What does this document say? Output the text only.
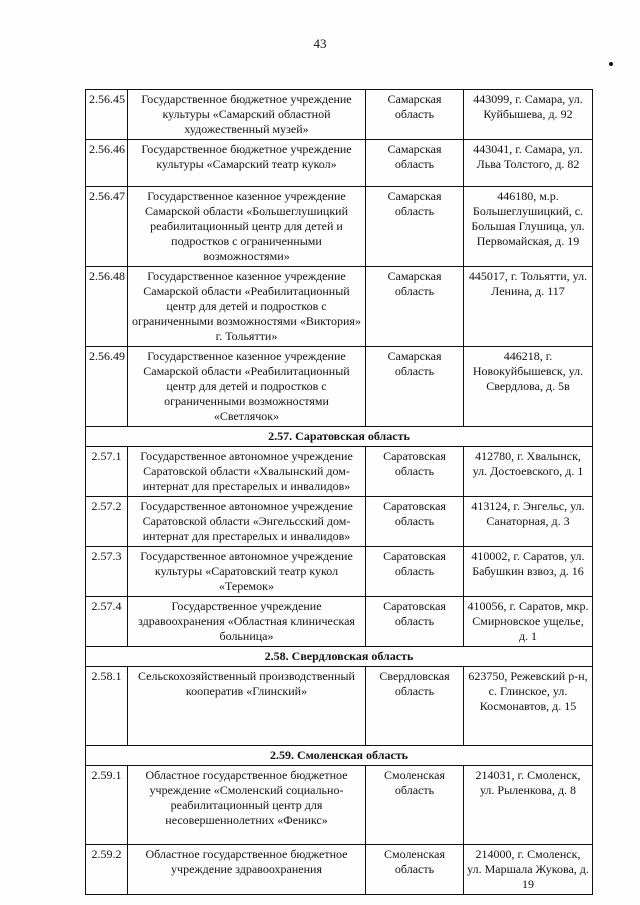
43
2.56.45	Государственное бюджетное учреждение культуры «Самарский областной художественный музей»	Самарская область	443099, г. Самара, ул. Куйбышева, д. 92
2.56.46	Государственное бюджетное учреждение культуры «Самарский театр кукол»	Самарская область	443041, г. Самара, ул. Льва Толстого, д. 82
2.56.47	Государственное казенное учреждение Самарской области «Большеглушицкий реабилитационный центр для детей и подростков с ограниченными возможностями»	Самарская область	446180, м.р. Большеглушицкий, с. Большая Глушица, ул. Первомайская, д. 19
2.56.48	Государственное казенное учреждение Самарской области «Реабилитационный центр для детей и подростков с ограниченными возможностями «Виктория» г. Тольятти»	Самарская область	445017, г. Тольятти, ул. Ленина, д. 117
2.56.49	Государственное казенное учреждение Самарской области «Реабилитационный центр для детей и подростков с ограниченными возможностями «Светлячок»	Самарская область	446218, г. Новокуйбышевск, ул. Свердлова, д. 5в
2.57. Саратовская область			
2.57.1	Государственное автономное учреждение Саратовской области «Хвалынский дом-интернат для престарелых и инвалидов»	Саратовская область	412780, г. Хвалынск, ул. Достоевского, д. 1
2.57.2	Государственное автономное учреждение Саратовской области «Энгельсский дом-интернат для престарелых и инвалидов»	Саратовская область	413124, г. Энгельс, ул. Санаторная, д. 3
2.57.3	Государственное автономное учреждение культуры «Саратовский театр кукол «Теремок»	Саратовская область	410002, г. Саратов, ул. Бабушкин взвоз, д. 16
2.57.4	Государственное учреждение здравоохранения «Областная клиническая больница»	Саратовская область	410056, г. Саратов, мкр. Смирновское ущелье, д. 1
2.58. Свердловская область			
2.58.1	Сельскохозяйственный производственный кооператив «Глинский»	Свердловская область	623750, Режевский р-н, с. Глинское, ул. Космонавтов, д. 15
2.59. Смоленская область			
2.59.1	Областное государственное бюджетное учреждение «Смоленский социально-реабилитационный центр для несовершеннолетних «Феникс»	Смоленская область	214031, г. Смоленск, ул. Рыленкова, д. 8
2.59.2	Областное государственное бюджетное учреждение здравоохранения	Смоленская область	214000, г. Смоленск, ул. Маршала Жукова, д. 19
